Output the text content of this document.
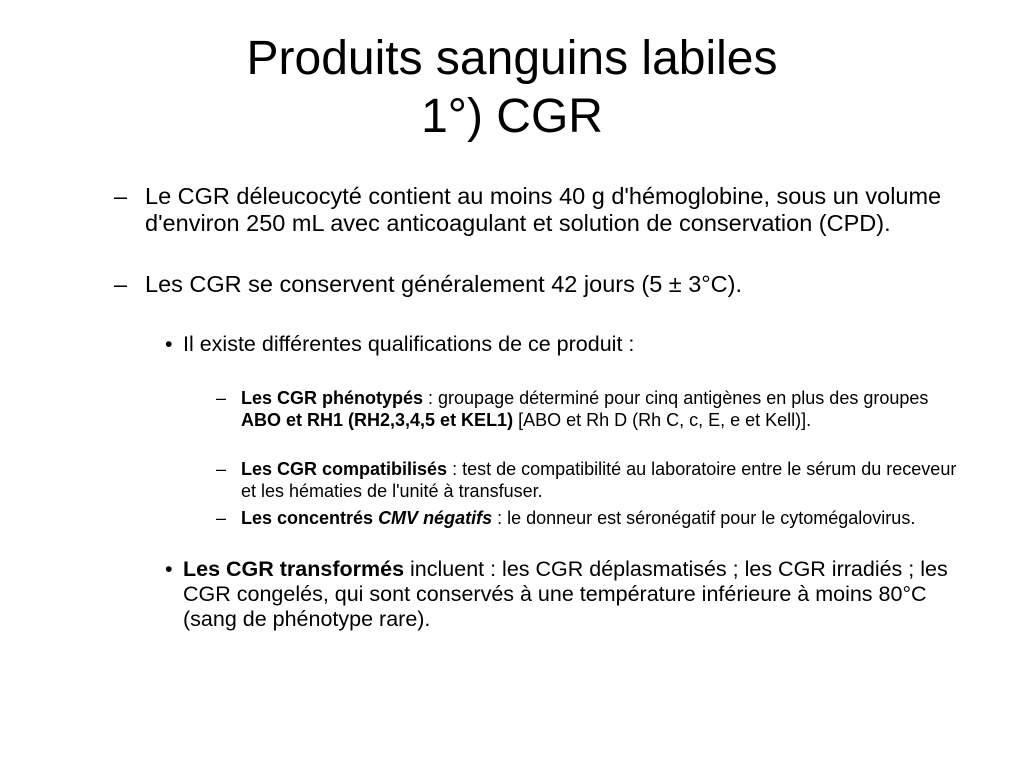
Produits sanguins labiles
1°) CGR
– Le CGR déleucocyté contient au moins 40 g d'hémoglobine, sous un volume d'environ 250 mL avec anticoagulant et solution de conservation (CPD).
– Les CGR se conservent généralement 42 jours (5 ± 3°C).
• Il existe différentes qualifications de ce produit :
– Les CGR phénotypés : groupage déterminé pour cinq antigènes en plus des groupes ABO et RH1 (RH2,3,4,5 et KEL1) [ABO et Rh D (Rh C, c, E, e et Kell)].
– Les CGR compatibilisés : test de compatibilité au laboratoire entre le sérum du receveur et les hématies de l'unité à transfuser.
– Les concentrés CMV négatifs : le donneur est séronégatif pour le cytomégalovirus.
• Les CGR transformés incluent : les CGR déplasmatisés ; les CGR irradiés ; les CGR congelés, qui sont conservés à une température inférieure à moins 80°C (sang de phénotype rare).
